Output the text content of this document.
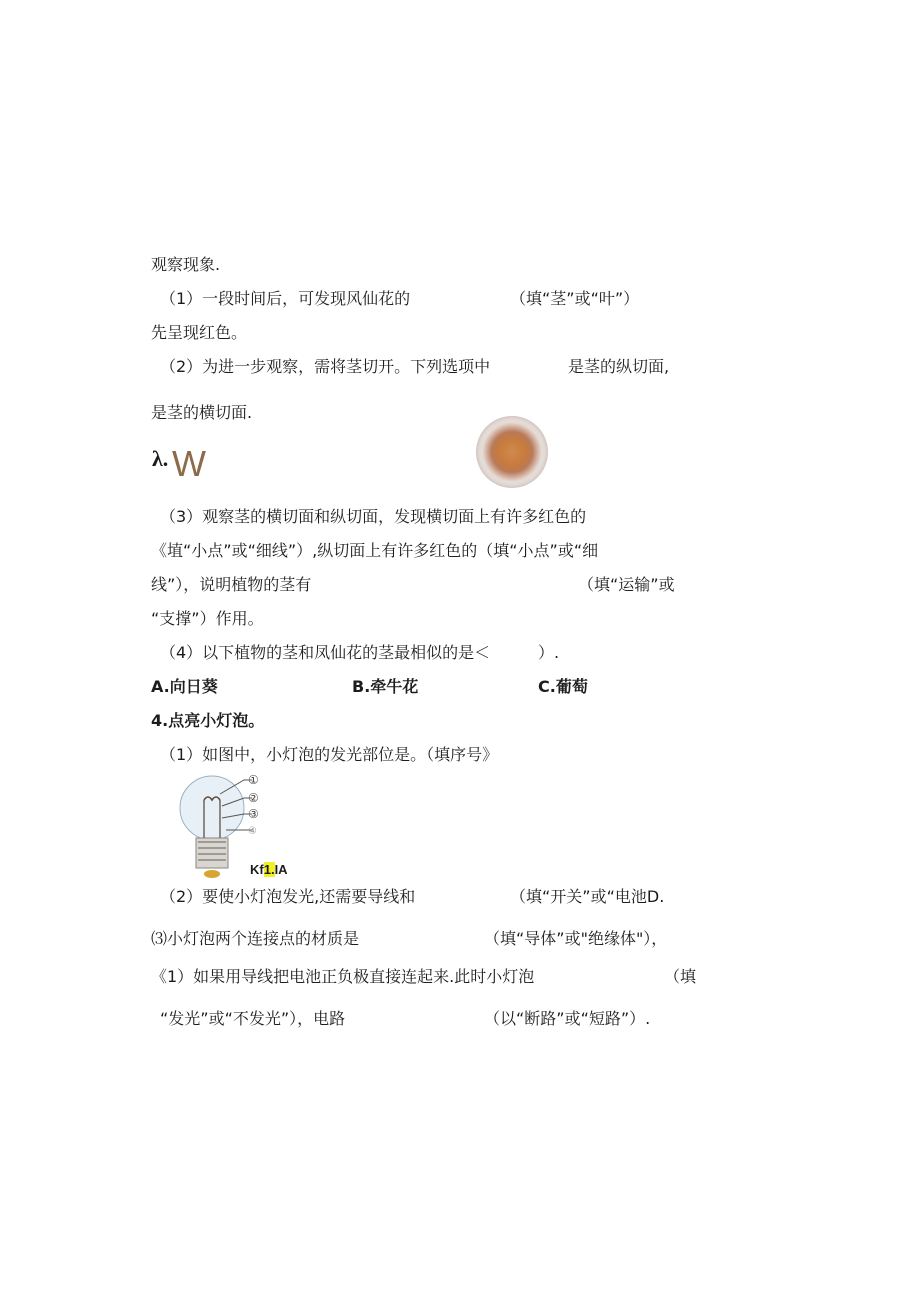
观察现象.
（1）一段时间后，可发现风仙花的	（填“茎”或“叶”）
先呈现红色。
（2）为进一步观察，需将茎切开。下列选项中	是茎的纵切面,
是茎的横切面.
λ. W
（3）观察茎的横切面和纵切面，发现横切面上有许多红色的
《埴“小点”或“细线”）,纵切面上有许多红色的（填“小点”或“细
线”），说明植物的茎有	（填“运输”或
“支撑”）作用。
（4）以下植物的茎和凤仙花的茎最相似的是＜	）.
A.向日葵	B.牵牛花	C.葡萄
4.点亮小灯泡。
（1）如图中，小灯泡的发光部位是。（填序号》
①
②
③
④
Kf1.IA
（2）要使小灯泡发光,还需要导线和	（填“开关”或“电池D.
⑶小灯泡两个连接点的材质是	（填“导体”或"绝缘体"），
《1）如果用导线把电池正负极直接连起来.此时小灯泡	（填
“发光”或“不发光”），电路	（以“断路”或“短路”）.
